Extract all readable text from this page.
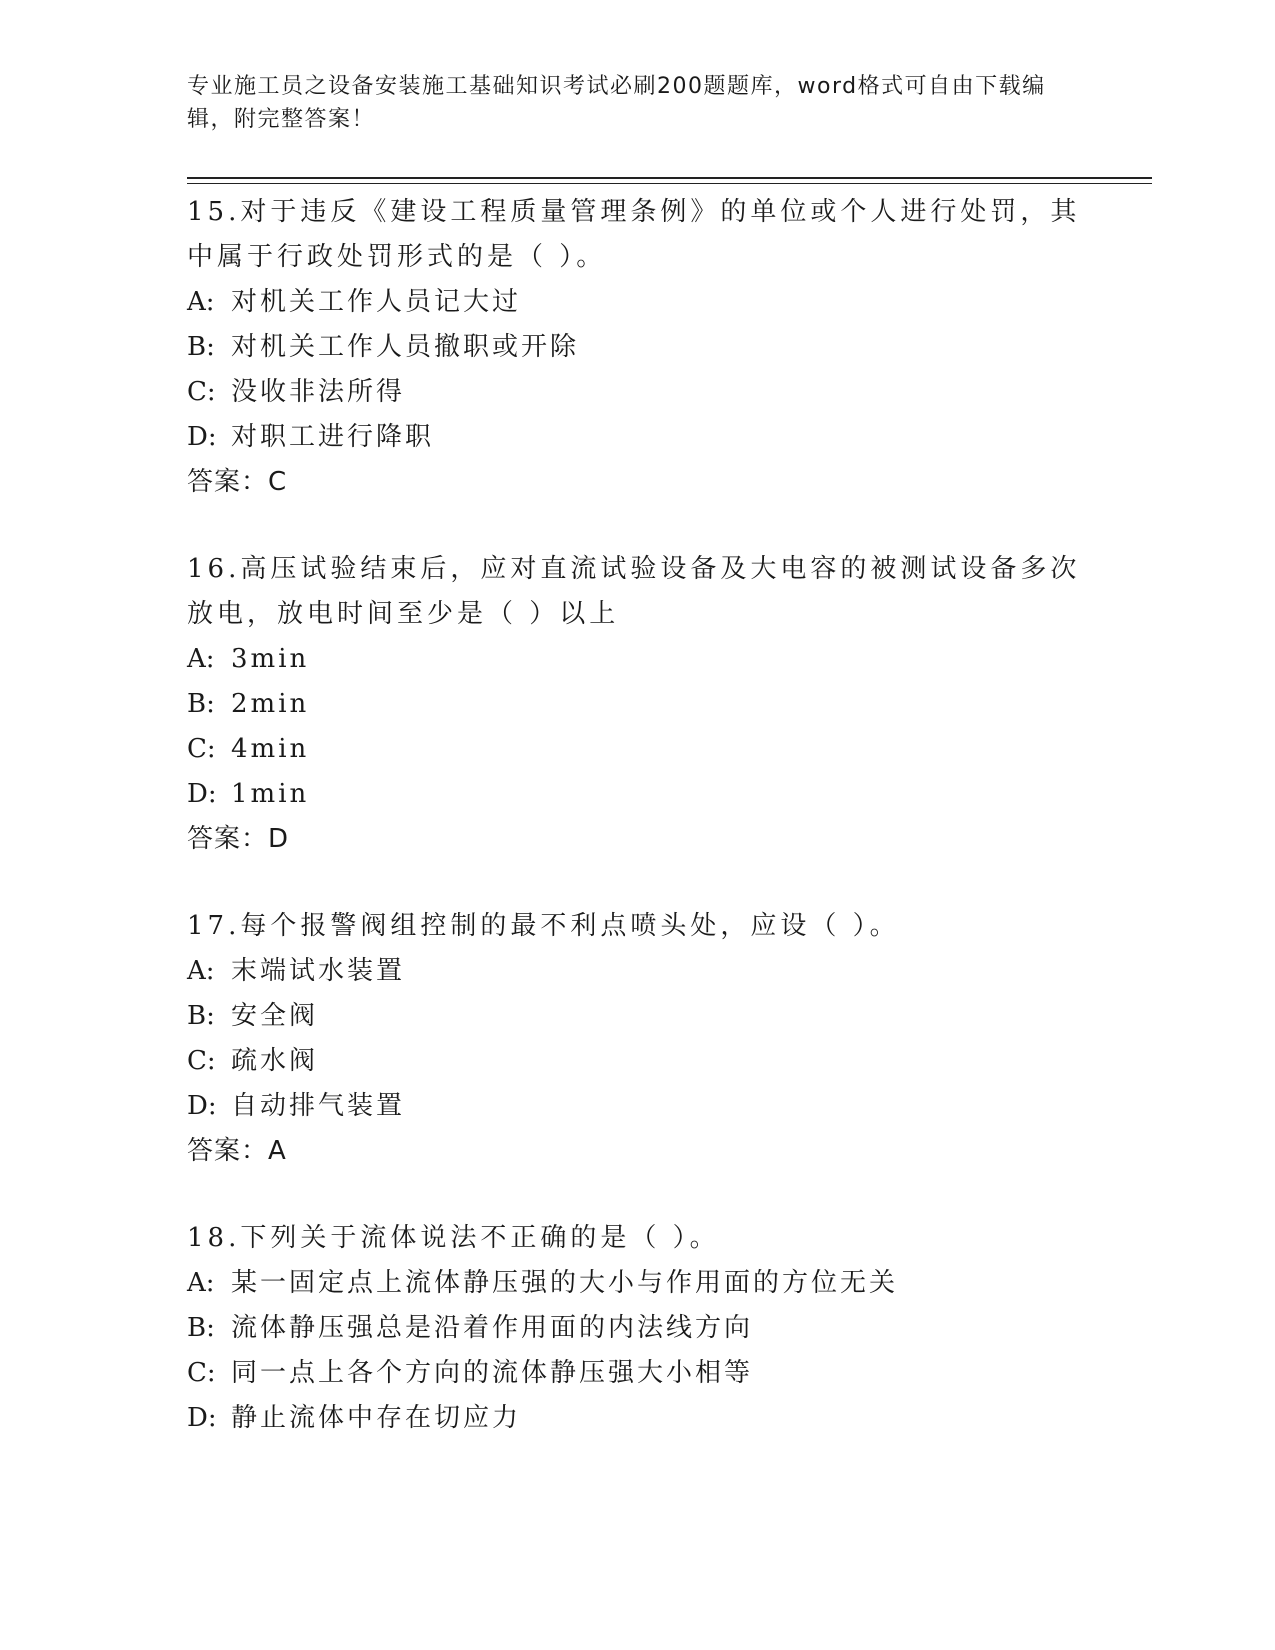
专业施工员之设备安装施工基础知识考试必刷200题题库，word格式可自由下载编辑，附完整答案！
15.对于违反《建设工程质量管理条例》的单位或个人进行处罚，其中属于行政处罚形式的是（ ）。
A: 对机关工作人员记大过
B: 对机关工作人员撤职或开除
C: 没收非法所得
D: 对职工进行降职
答案：C
16.高压试验结束后，应对直流试验设备及大电容的被测试设备多次放电，放电时间至少是（ ）以上
A: 3min
B: 2min
C: 4min
D: 1min
答案：D
17.每个报警阀组控制的最不利点喷头处，应设（ ）。
A: 末端试水装置
B: 安全阀
C: 疏水阀
D: 自动排气装置
答案：A
18.下列关于流体说法不正确的是（ ）。
A: 某一固定点上流体静压强的大小与作用面的方位无关
B: 流体静压强总是沿着作用面的内法线方向
C: 同一点上各个方向的流体静压强大小相等
D: 静止流体中存在切应力
